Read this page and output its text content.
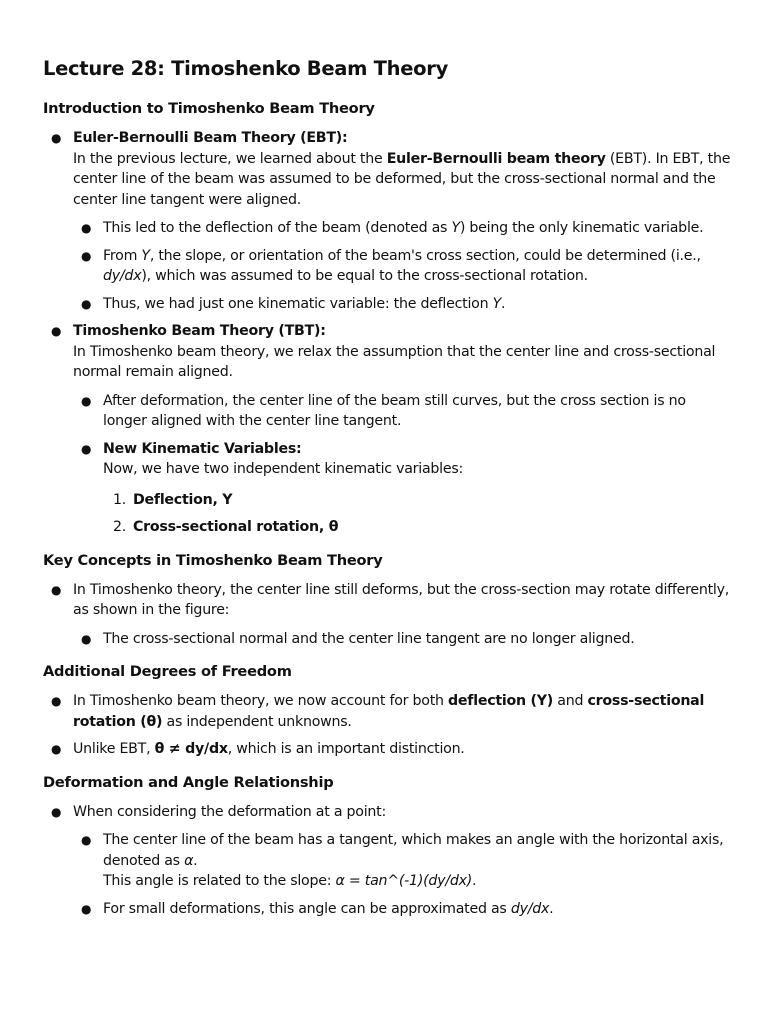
Lecture 28: Timoshenko Beam Theory
Introduction to Timoshenko Beam Theory
● Euler-Bernoulli Beam Theory (EBT):
In the previous lecture, we learned about the Euler-Bernoulli beam theory (EBT). In EBT, the center line of the beam was assumed to be deformed, but the cross-sectional normal and the center line tangent were aligned.
● This led to the deflection of the beam (denoted as Y) being the only kinematic variable.
● From Y, the slope, or orientation of the beam's cross section, could be determined (i.e., dy/dx), which was assumed to be equal to the cross-sectional rotation.
● Thus, we had just one kinematic variable: the deflection Y.
● Timoshenko Beam Theory (TBT):
In Timoshenko beam theory, we relax the assumption that the center line and cross-sectional normal remain aligned.
● After deformation, the center line of the beam still curves, but the cross section is no longer aligned with the center line tangent.
● New Kinematic Variables:
Now, we have two independent kinematic variables:
1. Deflection, Y
2. Cross-sectional rotation, θ
Key Concepts in Timoshenko Beam Theory
● In Timoshenko theory, the center line still deforms, but the cross-section may rotate differently, as shown in the figure:
● The cross-sectional normal and the center line tangent are no longer aligned.
Additional Degrees of Freedom
● In Timoshenko beam theory, we now account for both deflection (Y) and cross-sectional rotation (θ) as independent unknowns.
● Unlike EBT, θ ≠ dy/dx, which is an important distinction.
Deformation and Angle Relationship
● When considering the deformation at a point:
● The center line of the beam has a tangent, which makes an angle with the horizontal axis, denoted as α.
This angle is related to the slope: α = tan^(-1)(dy/dx).
● For small deformations, this angle can be approximated as dy/dx.
